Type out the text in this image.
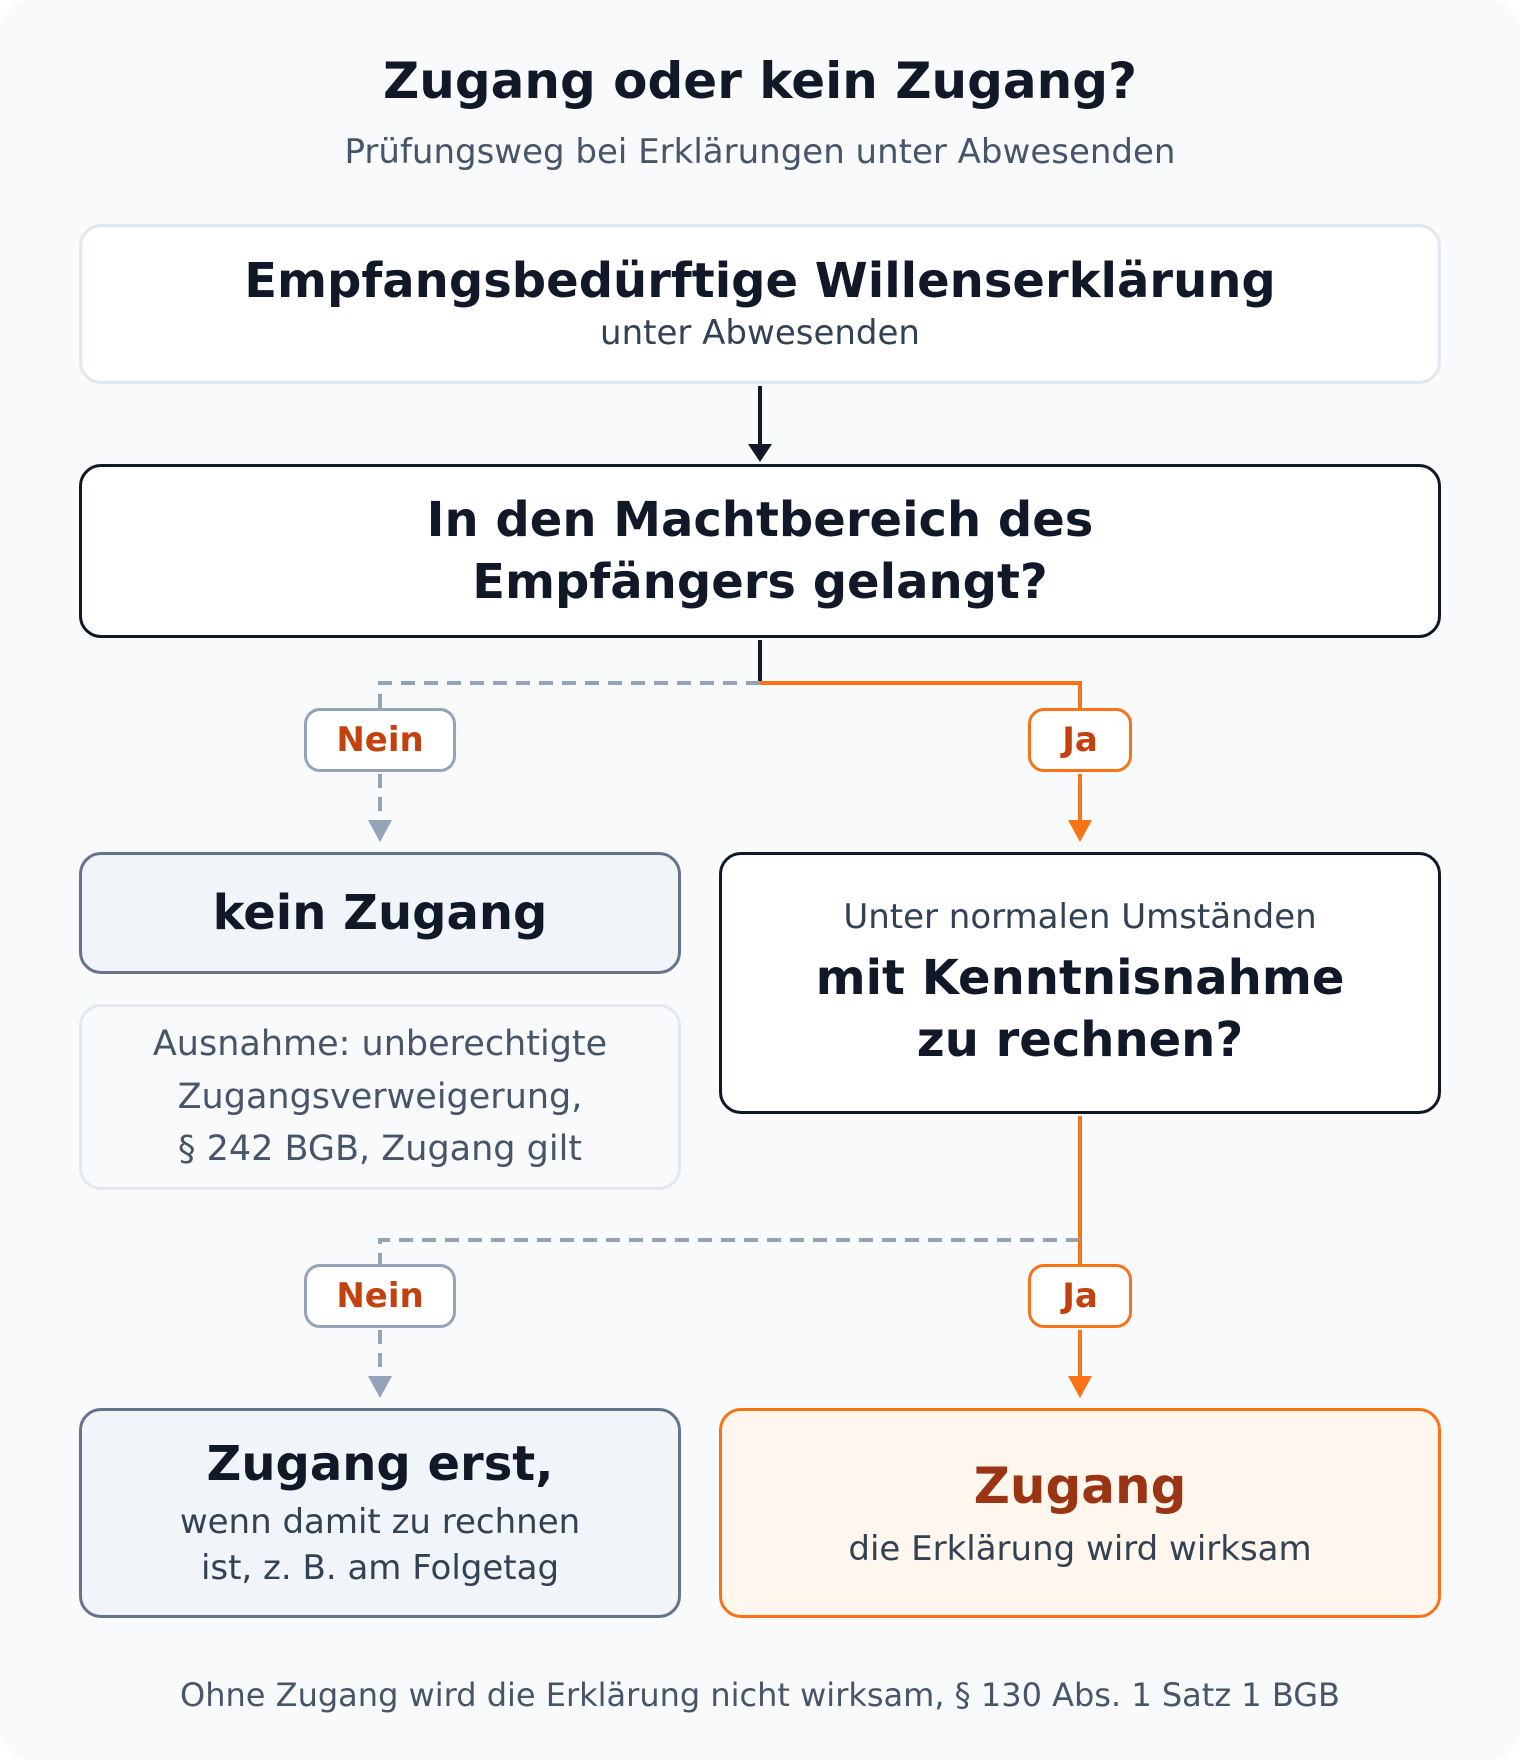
Zugang oder kein Zugang?
Prüfungsweg bei Erklärungen unter Abwesenden
Empfangsbedürftige Willenserklärung
unter Abwesenden
In den Machtbereich des
Empfängers gelangt?
Nein	Ja
kein Zugang
Ausnahme: unberechtigte
Zugangsverweigerung,
§ 242 BGB, Zugang gilt
Unter normalen Umständen
mit Kenntnisnahme
zu rechnen?
Nein	Ja
Zugang erst,
wenn damit zu rechnen
ist, z. B. am Folgetag
Zugang
die Erklärung wird wirksam
Ohne Zugang wird die Erklärung nicht wirksam, § 130 Abs. 1 Satz 1 BGB
